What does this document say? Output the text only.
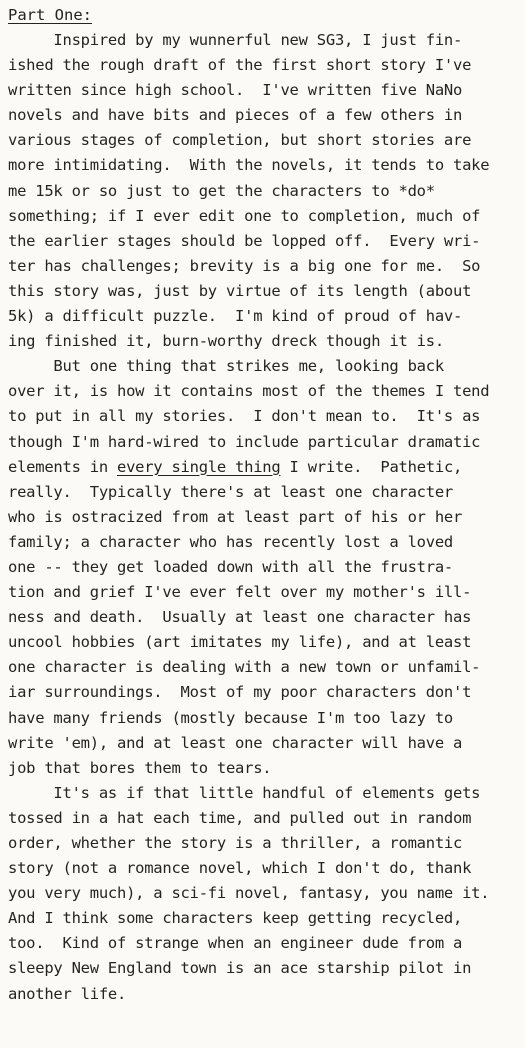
Part One:
Inspired by my wunnerful new SG3, I just fin-
ished the rough draft of the first short story I've
written since high school.  I've written five NaNo
novels and have bits and pieces of a few others in
various stages of completion, but short stories are
more intimidating.  With the novels, it tends to take
me 15k or so just to get the characters to *do*
something; if I ever edit one to completion, much of
the earlier stages should be lopped off.  Every wri-
ter has challenges; brevity is a big one for me.  So
this story was, just by virtue of its length (about
5k) a difficult puzzle.  I'm kind of proud of hav-
ing finished it, burn-worthy dreck though it is.
But one thing that strikes me, looking back
over it, is how it contains most of the themes I tend
to put in all my stories.  I don't mean to.  It's as
though I'm hard-wired to include particular dramatic
elements in every single thing I write.  Pathetic,
really.  Typically there's at least one character
who is ostracized from at least part of his or her
family; a character who has recently lost a loved
one -- they get loaded down with all the frustra-
tion and grief I've ever felt over my mother's ill-
ness and death.  Usually at least one character has
uncool hobbies (art imitates my life), and at least
one character is dealing with a new town or unfamil-
iar surroundings.  Most of my poor characters don't
have many friends (mostly because I'm too lazy to
write 'em), and at least one character will have a
job that bores them to tears.
It's as if that little handful of elements gets
tossed in a hat each time, and pulled out in random
order, whether the story is a thriller, a romantic
story (not a romance novel, which I don't do, thank
you very much), a sci-fi novel, fantasy, you name it.
And I think some characters keep getting recycled,
too.  Kind of strange when an engineer dude from a
sleepy New England town is an ace starship pilot in
another life.
